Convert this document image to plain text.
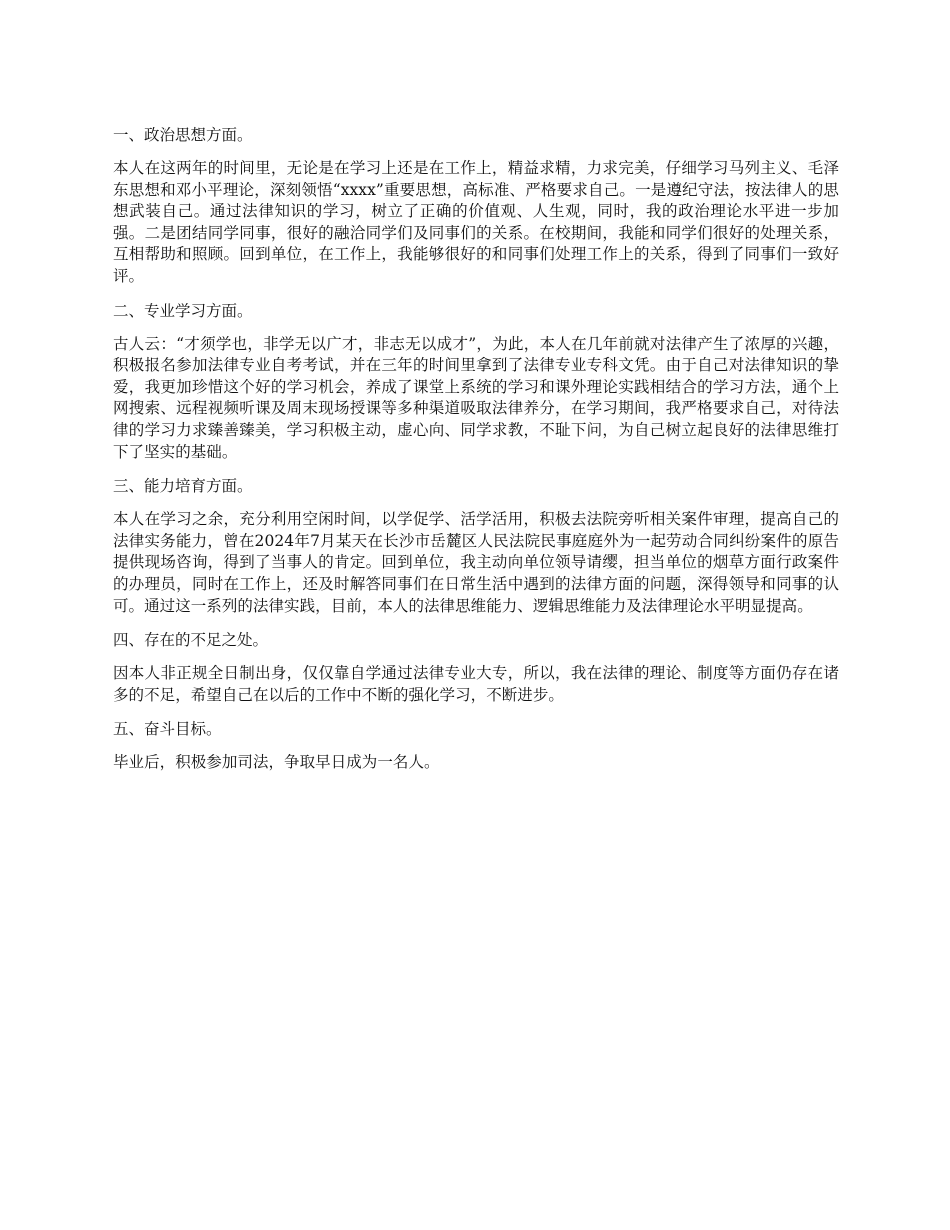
一、政治思想方面。
本人在这两年的时间里，无论是在学习上还是在工作上，精益求精，力求完美，仔细学习马列主义、毛泽东思想和邓小平理论，深刻领悟“xxxx”重要思想，高标准、严格要求自己。一是遵纪守法，按法律人的思想武装自己。通过法律知识的学习，树立了正确的价值观、人生观，同时，我的政治理论水平进一步加强。二是团结同学同事，很好的融洽同学们及同事们的关系。在校期间，我能和同学们很好的处理关系，互相帮助和照顾。回到单位，在工作上，我能够很好的和同事们处理工作上的关系，得到了同事们一致好评。
二、专业学习方面。
古人云：“才须学也，非学无以广才，非志无以成才”，为此，本人在几年前就对法律产生了浓厚的兴趣，积极报名参加法律专业自考考试，并在三年的时间里拿到了法律专业专科文凭。由于自己对法律知识的挚爱，我更加珍惜这个好的学习机会，养成了课堂上系统的学习和课外理论实践相结合的学习方法，通个上网搜索、远程视频听课及周末现场授课等多种渠道吸取法律养分，在学习期间，我严格要求自己，对待法律的学习力求臻善臻美，学习积极主动，虚心向、同学求教，不耻下问，为自己树立起良好的法律思维打下了坚实的基础。
三、能力培育方面。
本人在学习之余，充分利用空闲时间，以学促学、活学活用，积极去法院旁听相关案件审理，提高自己的法律实务能力，曾在2024年7月某天在长沙市岳麓区人民法院民事庭庭外为一起劳动合同纠纷案件的原告提供现场咨询，得到了当事人的肯定。回到单位，我主动向单位领导请缨，担当单位的烟草方面行政案件的办理员，同时在工作上，还及时解答同事们在日常生活中遇到的法律方面的问题，深得领导和同事的认可。通过这一系列的法律实践，目前，本人的法律思维能力、逻辑思维能力及法律理论水平明显提高。
四、存在的不足之处。
因本人非正规全日制出身，仅仅靠自学通过法律专业大专，所以，我在法律的理论、制度等方面仍存在诸多的不足，希望自己在以后的工作中不断的强化学习，不断进步。
五、奋斗目标。
毕业后，积极参加司法，争取早日成为一名人。
